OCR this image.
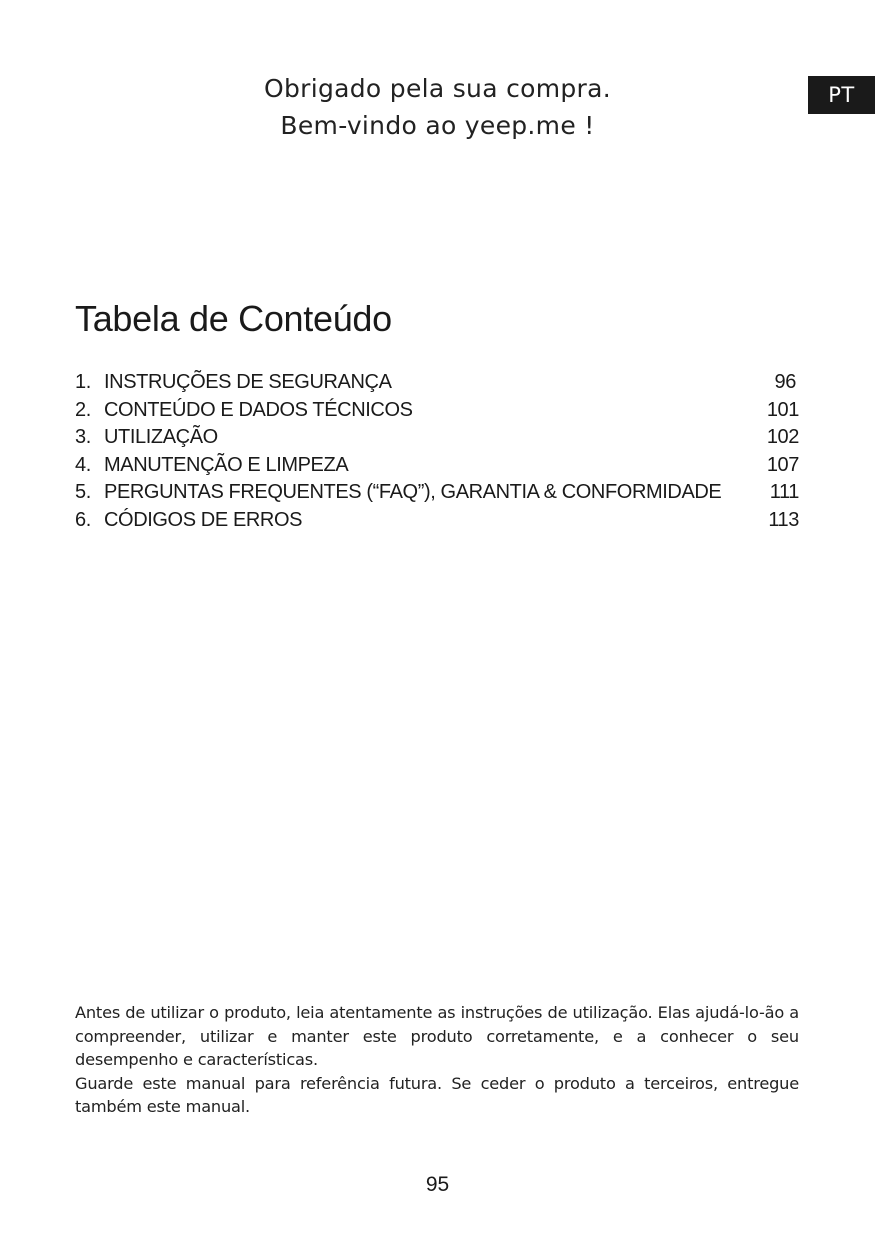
PT
Obrigado pela sua compra.
Bem-vindo ao yeep.me !
Tabela de Conteúdo
1. INSTRUÇÕES DE SEGURANÇA	96
2. CONTEÚDO E DADOS TÉCNICOS	101
3. UTILIZAÇÃO	102
4. MANUTENÇÃO E LIMPEZA	107
5. PERGUNTAS FREQUENTES (“FAQ”), GARANTIA & CONFORMIDADE	111
6. CÓDIGOS DE ERROS	113

Antes de utilizar o produto, leia atentamente as instruções de utilização. Elas ajudá-lo-ão a compreender, utilizar e manter este produto corretamente, e a conhecer o seu desempenho e características.

Guarde este manual para referência futura. Se ceder o produto a terceiros, entregue também este manual.

95
